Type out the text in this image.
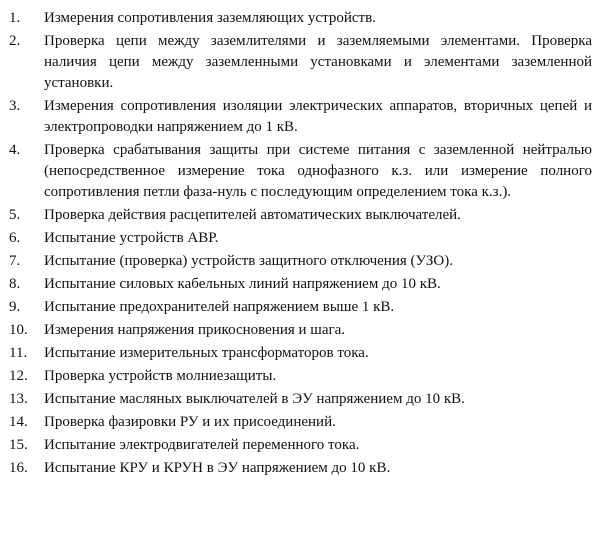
1.	Измерения сопротивления заземляющих устройств.
2.	Проверка цепи между заземлителями и заземляемыми элементами. Проверка наличия цепи между заземленными установками и элементами заземленной установки.
3.	Измерения сопротивления изоляции электрических аппаратов, вторичных цепей и электропроводки напряжением до 1 кВ.
4.	Проверка срабатывания защиты при системе питания с заземленной нейтралью (непосредственное измерение тока однофазного к.з. или измерение полного сопротивления петли фаза-нуль с последующим определением тока к.з.).
5.	Проверка действия расцепителей автоматических выключателей.
6.	Испытание устройств АВР.
7.	Испытание (проверка) устройств защитного отключения (УЗО).
8.	Испытание силовых кабельных линий напряжением до 10 кВ.
9.	Испытание предохранителей напряжением выше 1 кВ.
10.	Измерения напряжения прикосновения и шага.
11.	Испытание измерительных трансформаторов тока.
12.	Проверка устройств молниезащиты.
13.	Испытание масляных выключателей в ЭУ напряжением до 10 кВ.
14.	Проверка фазировки РУ и их присоединений.
15.	Испытание электродвигателей переменного тока.
16.	Испытание КРУ и КРУН в ЭУ напряжением до 10 кВ.
